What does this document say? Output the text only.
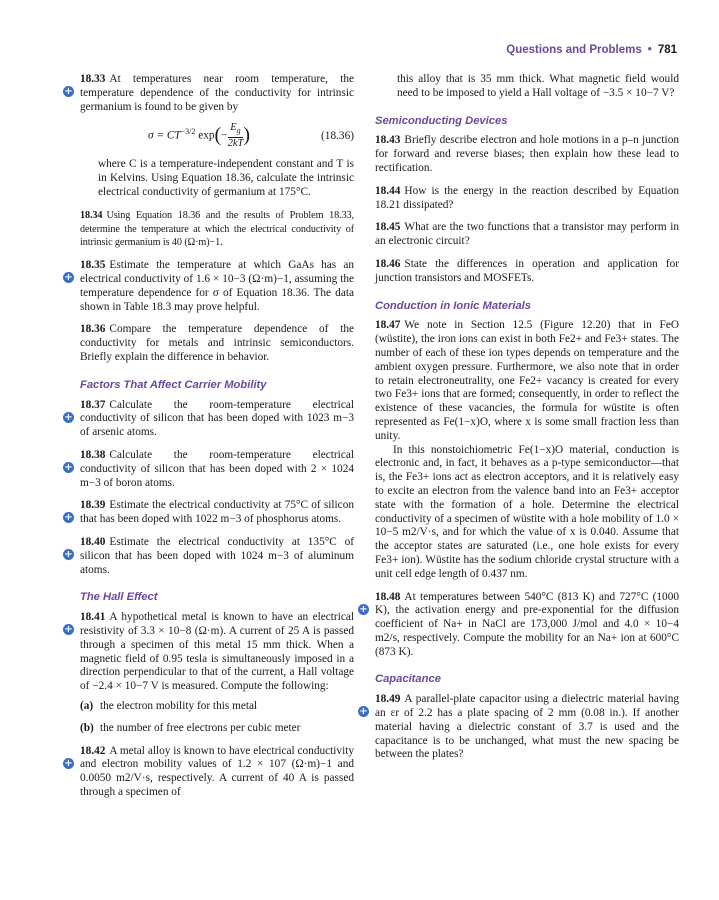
Questions and Problems • 781
+
18.33 At temperatures near room temperature, the temperature dependence of the conductivity for intrinsic germanium is found to be given by
$\sigma = CT^{-3/2}$ $\exp(- \frac{E_g}{2kT})$	(18.36)
where C is a temperature-independent constant and T is in Kelvins. Using Equation 18.36, calculate the intrinsic electrical conductivity of germanium at 175°C.
18.34 Using Equation 18.36 and the results of Problem 18.33, determine the temperature at which the electrical conductivity of intrinsic germanium is 40 (Ω·m)−1.
+
18.35 Estimate the temperature at which GaAs has an electrical conductivity of 1.6 × 10−3 (Ω·m)−1, assuming the temperature dependence for σ of Equation 18.36. The data shown in Table 18.3 may prove helpful.
18.36 Compare the temperature dependence of the conductivity for metals and intrinsic semiconductors. Briefly explain the difference in behavior.
Factors That Affect Carrier Mobility
+
18.37 Calculate the room-temperature electrical conductivity of silicon that has been doped with 1023 m−3 of arsenic atoms.
+
18.38 Calculate the room-temperature electrical conductivity of silicon that has been doped with 2 × 1024 m−3 of boron atoms.
+
18.39 Estimate the electrical conductivity at 75°C of silicon that has been doped with 1022 m−3 of phosphorus atoms.
+
18.40 Estimate the electrical conductivity at 135°C of silicon that has been doped with 1024 m−3 of aluminum atoms.
The Hall Effect
+
18.41 A hypothetical metal is known to have an electrical resistivity of 3.3 × 10−8 (Ω·m). A current of 25 A is passed through a specimen of this metal 15 mm thick. When a magnetic field of 0.95 tesla is simultaneously imposed in a direction perpendicular to that of the current, a Hall voltage of −2.4 × 10−7 V is measured. Compute the following:
(a) the electron mobility for this metal
(b) the number of free electrons per cubic meter
+
18.42 A metal alloy is known to have electrical conductivity and electron mobility values of 1.2 × 107 (Ω·m)−1 and 0.0050 m2/V·s, respectively. A current of 40 A is passed through a specimen of
this alloy that is 35 mm thick. What magnetic field would need to be imposed to yield a Hall voltage of −3.5 × 10−7 V?
Semiconducting Devices
18.43 Briefly describe electron and hole motions in a p–n junction for forward and reverse biases; then explain how these lead to rectification.
18.44 How is the energy in the reaction described by Equation 18.21 dissipated?
18.45 What are the two functions that a transistor may perform in an electronic circuit?
18.46 State the differences in operation and application for junction transistors and MOSFETs.
Conduction in Ionic Materials
18.47 We note in Section 12.5 (Figure 12.20) that in FeO (wüstite), the iron ions can exist in both Fe2+ and Fe3+ states. The number of each of these ion types depends on temperature and the ambient oxygen pressure. Furthermore, we also note that in order to retain electroneutrality, one Fe2+ vacancy is created for every two Fe3+ ions that are formed; consequently, in order to reflect the existence of these vacancies, the formula for wüstite is often represented as Fe(1−x)O, where x is some small fraction less than unity.
In this nonstoichiometric Fe(1−x)O material, conduction is electronic and, in fact, it behaves as a p-type semiconductor—that is, the Fe3+ ions act as electron acceptors, and it is relatively easy to excite an electron from the valence band into an Fe3+ acceptor state with the formation of a hole. Determine the electrical conductivity of a specimen of wüstite with a hole mobility of 1.0 × 10−5 m2/V·s, and for which the value of x is 0.040. Assume that the acceptor states are saturated (i.e., one hole exists for every Fe3+ ion). Wüstite has the sodium chloride crystal structure with a unit cell edge length of 0.437 nm.
+
18.48 At temperatures between 540°C (813 K) and 727°C (1000 K), the activation energy and pre-exponential for the diffusion coefficient of Na+ in NaCl are 173,000 J/mol and 4.0 × 10−4 m2/s, respectively. Compute the mobility for an Na+ ion at 600°C (873 K).
Capacitance
+
18.49 A parallel-plate capacitor using a dielectric material having an εr of 2.2 has a plate spacing of 2 mm (0.08 in.). If another material having a dielectric constant of 3.7 is used and the capacitance is to be unchanged, what must the new spacing be between the plates?
